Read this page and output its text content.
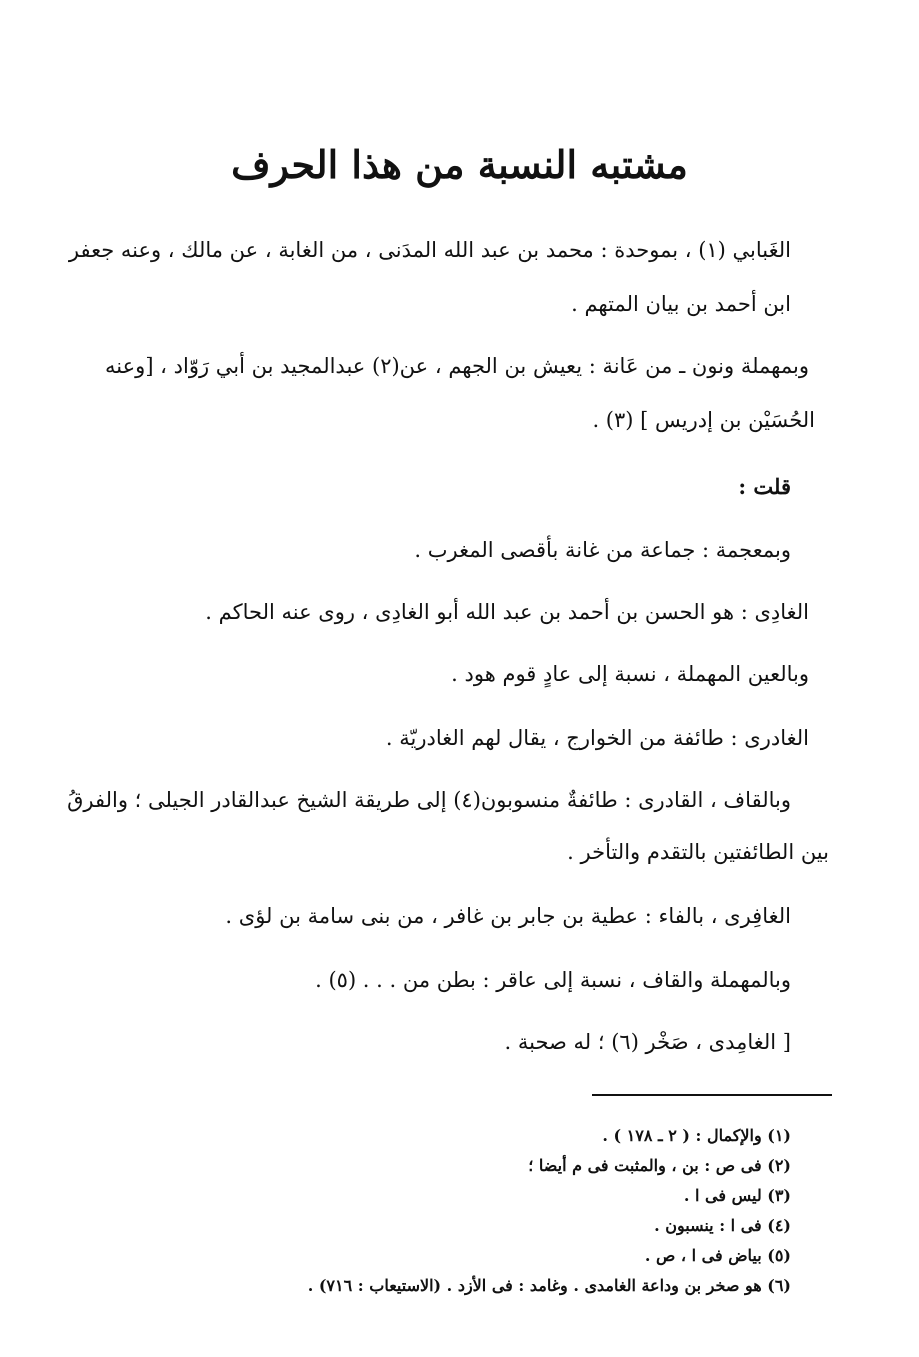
مشتبه النسبة من هذا الحرف
الغَبابي (١) ، بموحدة : محمد بن عبد الله المدَنى ، من الغابة ، عن مالك ، وعنه جعفر
ابن أحمد بن بيان المتهم .
وبمهملة ونون ـ من عَانة : يعيش بن الجهم ، عن(٢) عبدالمجيد بن أبي رَوّاد ، [وعنه
الحُسَيْن بن إدريس ] (٣) .
قلت :
وبمعجمة : جماعة من غانة بأقصى المغرب .
الغادِى : هو الحسن بن أحمد بن عبد الله أبو الغادِى ، روى عنه الحاكم .
وبالعين المهملة ، نسبة إلى عادٍ قوم هود .
الغادرى : طائفة من الخوارج ، يقال لهم الغادريّة .
وبالقاف ، القادرى : طائفةٌ منسوبون(٤) إلى طريقة الشيخ عبدالقادر الجيلى ؛ والفرقُ
بين الطائفتين بالتقدم والتأخر .
الغافِرى ، بالفاء : عطية بن جابر بن غافر ، من بنى سامة بن لؤى .
وبالمهملة والقاف ، نسبة إلى عاقر : بطن من . . . (٥) .
[ الغامِدى ، صَخْر (٦) ؛ له صحبة .
(١) والإكمال : ( ٢ ـ ١٧٨ ) .
(٢) فى ص : بن ، والمثبت فى م أيضا ؛
(٣) ليس فى ا .
(٤) فى ا : ينسبون .
(٥) بياض فى ا ، ص .
(٦) هو صخر بن وداعة الغامدى . وغامد : فى الأزد . (الاستيعاب : ٧١٦) .
